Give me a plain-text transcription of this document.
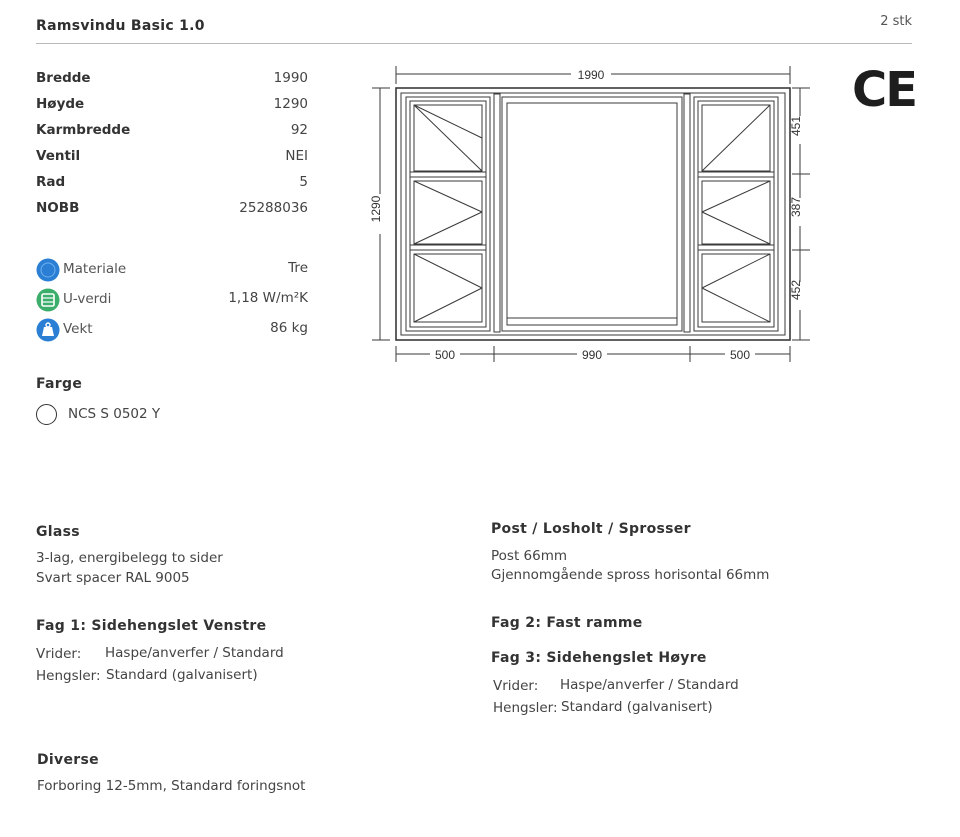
Ramsvindu Basic 1.0	2 stk
Bredde	1990
Høyde	1290
Karmbredde	92
Ventil	NEI
Rad	5
NOBB	25288036
Materiale	Tre
U-verdi	1,18 W/m²K
Vekt	86 kg
Farge
NCS S 0502 Y
CE
1990
1290
451
387
452
500	990	500
Glass
3-lag, energibelegg to sider
Svart spacer RAL 9005
Post / Losholt / Sprosser
Post 66mm
Gjennomgående spross horisontal 66mm
Fag 1: Sidehengslet Venstre
Vrider: Haspe/anverfer / Standard
Hengsler: Standard (galvanisert)
Fag 2: Fast ramme
Fag 3: Sidehengslet Høyre
Vrider: Haspe/anverfer / Standard
Hengsler: Standard (galvanisert)
Diverse
Forboring 12-5mm, Standard foringsnot
